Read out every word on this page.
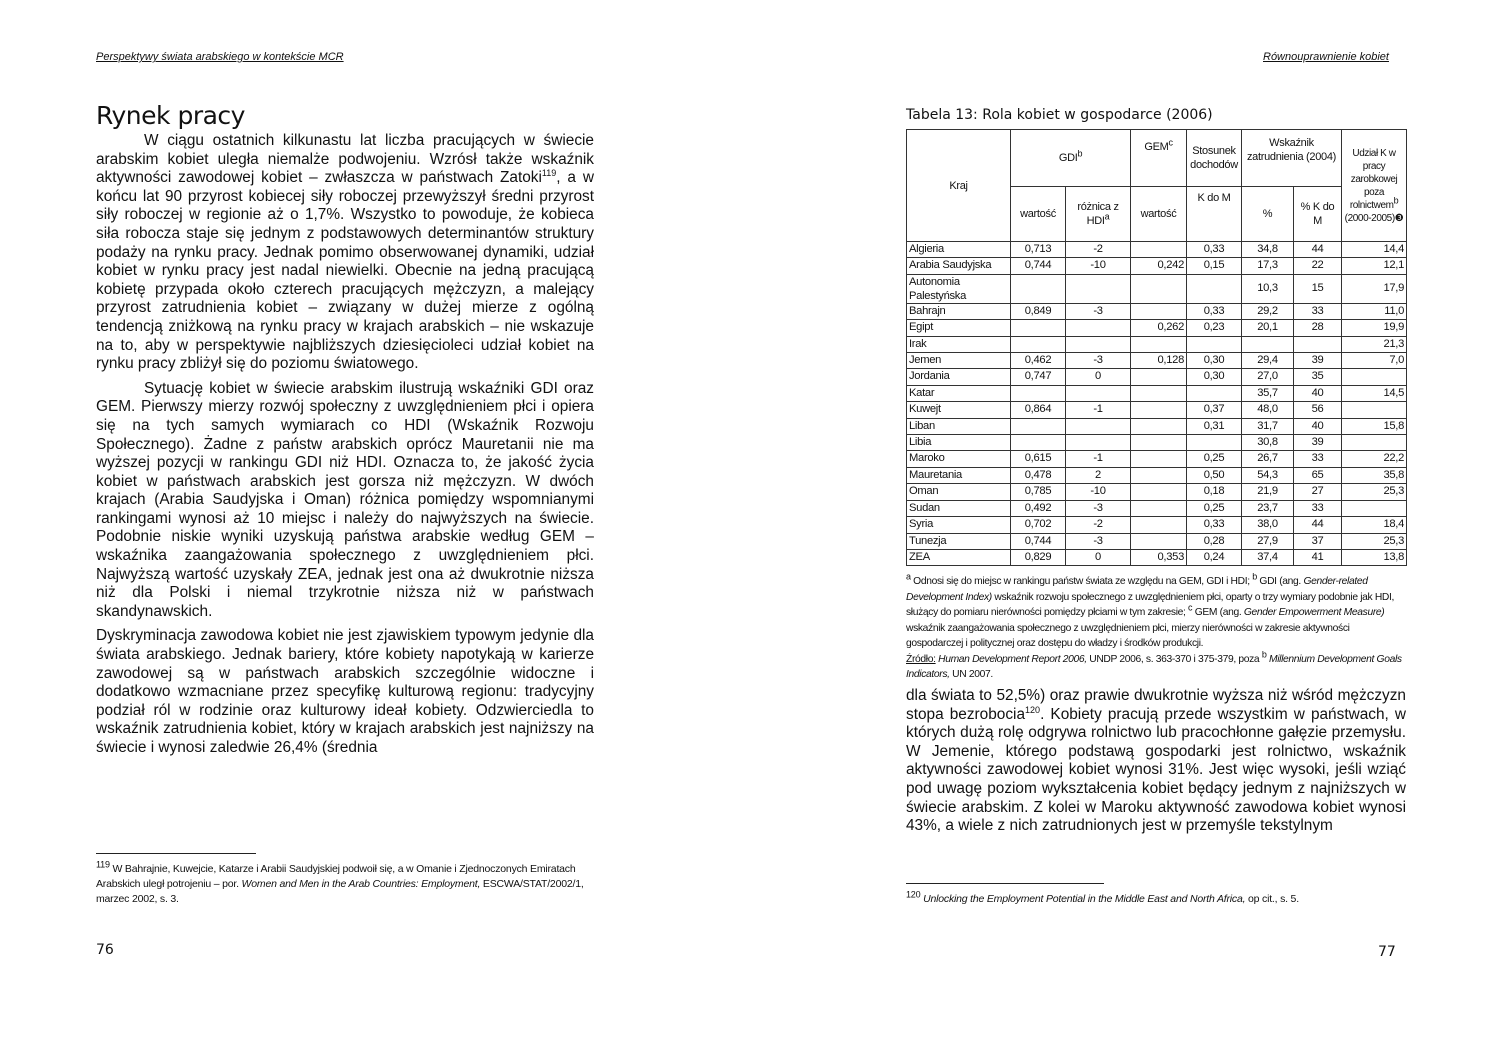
Perspektywy świata arabskiego w kontekście MCR
Rynek pracy

W ciągu ostatnich kilkunastu lat liczba pracujących w świecie arabskim kobiet uległa niemalże podwojeniu. Wzrósł także wskaźnik aktywności zawodowej kobiet – zwłaszcza w państwach Zatoki$^{119}$, a w końcu lat 90 przyrost kobiecej siły roboczej przewyższył średni przyrost siły roboczej w regionie aż o 1,7%. Wszystko to powoduje, że kobieca siła robocza staje się jednym z podstawowych determinantów struktury podaży na rynku pracy. Jednak pomimo obserwowanej dynamiki, udział kobiet w rynku pracy jest nadal niewielki. Obecnie na jedną pracującą kobietę przypada około czterech pracujących mężczyzn, a malejący przyrost zatrudnienia kobiet – związany w dużej mierze z ogólną tendencją zniżkową na rynku pracy w krajach arabskich – nie wskazuje na to, aby w perspektywie najbliższych dziesięcioleci udział kobiet na rynku pracy zbliżył się do poziomu światowego.

Sytuację kobiet w świecie arabskim ilustrują wskaźniki GDI oraz GEM. Pierwszy mierzy rozwój społeczny z uwzględnieniem płci i opiera się na tych samych wymiarach co HDI (Wskaźnik Rozwoju Społecznego). Żadne z państw arabskich oprócz Mauretanii nie ma wyższej pozycji w rankingu GDI niż HDI. Oznacza to, że jakość życia kobiet w państwach arabskich jest gorsza niż mężczyzn. W dwóch krajach (Arabia Saudyjska i Oman) różnica pomiędzy wspomnianymi rankingami wynosi aż 10 miejsc i należy do najwyższych na świecie. Podobnie niskie wyniki uzyskują państwa arabskie według GEM – wskaźnika zaangażowania społecznego z uwzględnieniem płci. Najwyższą wartość uzyskały ZEA, jednak jest ona aż dwukrotnie niższa niż dla Polski i niemal trzykrotnie niższa niż w państwach skandynawskich.

Dyskryminacja zawodowa kobiet nie jest zjawiskiem typowym jedynie dla świata arabskiego. Jednak bariery, które kobiety napotykają w karierze zawodowej są w państwach arabskich szczególnie widoczne i dodatkowo wzmacniane przez specyfikę kulturową regionu: tradycyjny podział ról w rodzinie oraz kulturowy ideał kobiety. Odzwierciedla to wskaźnik zatrudnienia kobiet, który w krajach arabskich jest najniższy na świecie i wynosi zaledwie 26,4% (średnia

$^{119}$ W Bahrajnie, Kuwejcie, Katarze i Arabii Saudyjskiej podwoił się, a w Omanie i Zjednoczonych Emiratach Arabskich uległ potrojeniu – por. Women and Men in the Arab Countries: Employment, ESCWA/STAT/2002/1, marzec 2002, s. 3.
76
Równouprawnienie kobiet
Tabela 13: Rola kobiet w gospodarce (2006)
Kraj	GDI$^b$		GEM$^c$	Stosunek dochodów	Wskaźnik zatrudnienia (2004)		Udział K w pracy zarobkowej poza rolnictwem$^b$ (2000-2005)❸
	wartość	różnica z HDI$^a$	wartość	K do M	%	% K do M	
Algieria	0,713	-2		0,33	34,8	44	14,4
Arabia Saudyjska	0,744	-10	0,242	0,15	17,3	22	12,1
Autonomia Palestyńska					10,3	15	17,9
Bahrajn	0,849	-3		0,33	29,2	33	11,0
Egipt			0,262	0,23	20,1	28	19,9
Irak							21,3
Jemen	0,462	-3	0,128	0,30	29,4	39	7,0
Jordania	0,747	0		0,30	27,0	35	
Katar					35,7	40	14,5
Kuwejt	0,864	-1		0,37	48,0	56	
Liban				0,31	31,7	40	15,8
Libia					30,8	39	
Maroko	0,615	-1		0,25	26,7	33	22,2
Mauretania	0,478	2		0,50	54,3	65	35,8
Oman	0,785	-10		0,18	21,9	27	25,3
Sudan	0,492	-3		0,25	23,7	33	
Syria	0,702	-2		0,33	38,0	44	18,4
Tunezja	0,744	-3		0,28	27,9	37	25,3
ZEA	0,829	0	0,353	0,24	37,4	41	13,8
$^a$ Odnosi się do miejsc w rankingu państw świata ze względu na GEM, GDI i HDI; $^b$ GDI (ang. Gender-related Development Index) wskaźnik rozwoju społecznego z uwzględnieniem płci, oparty o trzy wymiary podobnie jak HDI, służący do pomiaru nierówności pomiędzy płciami w tym zakresie; $^c$ GEM (ang. Gender Empowerment Measure) wskaźnik zaangażowania społecznego z uwzględnieniem płci, mierzy nierówności w zakresie aktywności gospodarczej i politycznej oraz dostępu do władzy i środków produkcji.
Źródło: Human Development Report 2006, UNDP 2006, s. 363-370 i 375-379, poza $^b$ Millennium Development Goals Indicators, UN 2007.

dla świata to 52,5%) oraz prawie dwukrotnie wyższa niż wśród mężczyzn stopa bezrobocia$^{120}$. Kobiety pracują przede wszystkim w państwach, w których dużą rolę odgrywa rolnictwo lub pracochłonne gałęzie przemysłu. W Jemenie, którego podstawą gospodarki jest rolnictwo, wskaźnik aktywności zawodowej kobiet wynosi 31%. Jest więc wysoki, jeśli wziąć pod uwagę poziom wykształcenia kobiet będący jednym z najniższych w świecie arabskim. Z kolei w Maroku aktywność zawodowa kobiet wynosi 43%, a wiele z nich zatrudnionych jest w przemyśle tekstylnym

$^{120}$ Unlocking the Employment Potential in the Middle East and North Africa, op cit., s. 5.
77
